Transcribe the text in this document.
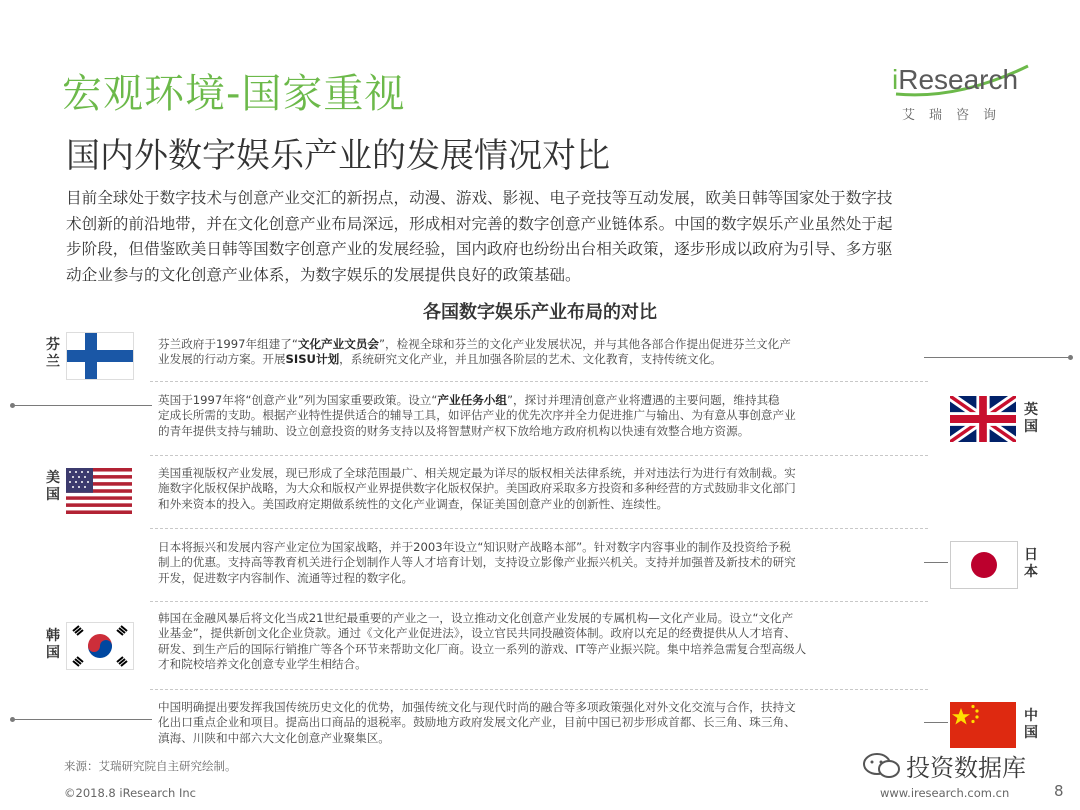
宏观环境-国家重视
国内外数字娱乐产业的发展情况对比
iResearch
艾瑞咨询

目前全球处于数字技术与创意产业交汇的新拐点，动漫、游戏、影视、电子竞技等互动发展，欧美日韩等国家处于数字技

术创新的前沿地带，并在文化创意产业布局深远，形成相对完善的数字创意产业链体系。中国的数字娱乐产业虽然处于起

步阶段，但借鉴欧美日韩等国数字创意产业的发展经验，国内政府也纷纷出台相关政策，逐步形成以政府为引导、多方驱

动企业参与的文化创意产业体系，为数字娱乐的发展提供良好的政策基础。

各国数字娱乐产业布局的对比
芬
兰

芬兰政府于1997年组建了“文化产业文员会”，检视全球和芬兰的文化产业发展状况，并与其他各部合作提出促进芬兰文化产

业发展的行动方案。开展SISU计划，系统研究文化产业，并且加强各阶层的艺术、文化教育，支持传统文化。

英国于1997年将“创意产业”列为国家重要政策。设立“产业任务小组”，探讨并理清创意产业将遭遇的主要问题，维持其稳

定成长所需的支助。根据产业特性提供适合的辅导工具，如评估产业的优先次序并全力促进推广与输出、为有意从事创意产业

的青年提供支持与辅助、设立创意投资的财务支持以及将智慧财产权下放给地方政府机构以快速有效整合地方资源。

英
国
美
国

美国重视版权产业发展，现已形成了全球范围最广、相关规定最为详尽的版权相关法律系统，并对违法行为进行有效制裁。实

施数字化版权保护战略，为大众和版权产业界提供数字化版权保护。美国政府采取多方投资和多种经营的方式鼓励非文化部门

和外来资本的投入。美国政府定期做系统性的文化产业调查，保证美国创意产业的创新性、连续性。

日本将振兴和发展内容产业定位为国家战略，并于2003年设立“知识财产战略本部”。针对数字内容事业的制作及投资给予税

制上的优惠。支持高等教育机关进行企划制作人等人才培育计划，支持设立影像产业振兴机关。支持并加强普及新技术的研究

开发，促进数字内容制作、流通等过程的数字化。

日
本
韩
国

韩国在金融风暴后将文化当成21世纪最重要的产业之一，设立推动文化创意产业发展的专属机构—文化产业局。设立“文化产

业基金”，提供新创文化企业贷款。通过《文化产业促进法》，设立官民共同投融资体制。政府以充足的经费提供从人才培育、

研发、到生产后的国际行销推广等各个环节来帮助文化厂商。设立一系列的游戏、IT等产业振兴院。集中培养急需复合型高级人

才和院校培养文化创意专业学生相结合。

中国明确提出要发挥我国传统历史文化的优势，加强传统文化与现代时尚的融合等多项政策强化对外文化交流与合作，扶持文

化出口重点企业和项目。提高出口商品的退税率。鼓励地方政府发展文化产业，目前中国已初步形成首都、长三角、珠三角、

滇海、川陕和中部六大文化创意产业聚集区。

中
国
来源：艾瑞研究院自主研究绘制。	投资数据库
©2018.8 iResearch Inc	www.iresearch.com.cn	8
